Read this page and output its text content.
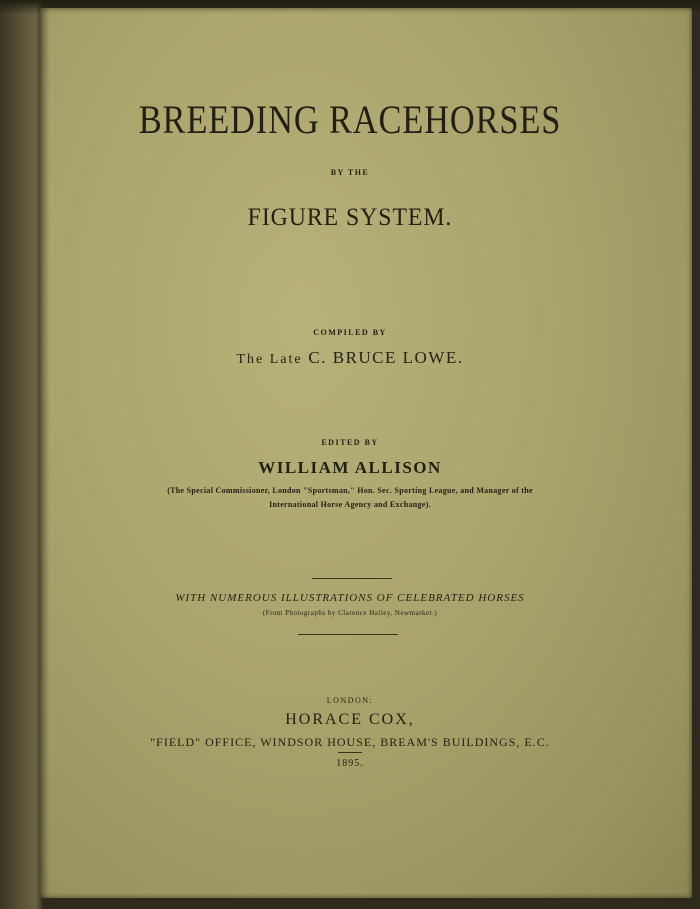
BREEDING RACEHORSES
BY THE
FIGURE SYSTEM.
COMPILED BY
The Late C. BRUCE LOWE.
EDITED BY
WILLIAM ALLISON
(The Special Commissioner, London "Sportsman," Hon. Sec. Sporting League, and Manager of the
International Horse Agency and Exchange).
WITH NUMEROUS ILLUSTRATIONS OF CELEBRATED HORSES
(From Photographs by Clarence Hailey, Newmarket.)
LONDON:
HORACE COX,
"FIELD" OFFICE, WINDSOR HOUSE, BREAM'S BUILDINGS, E.C.
1895.
